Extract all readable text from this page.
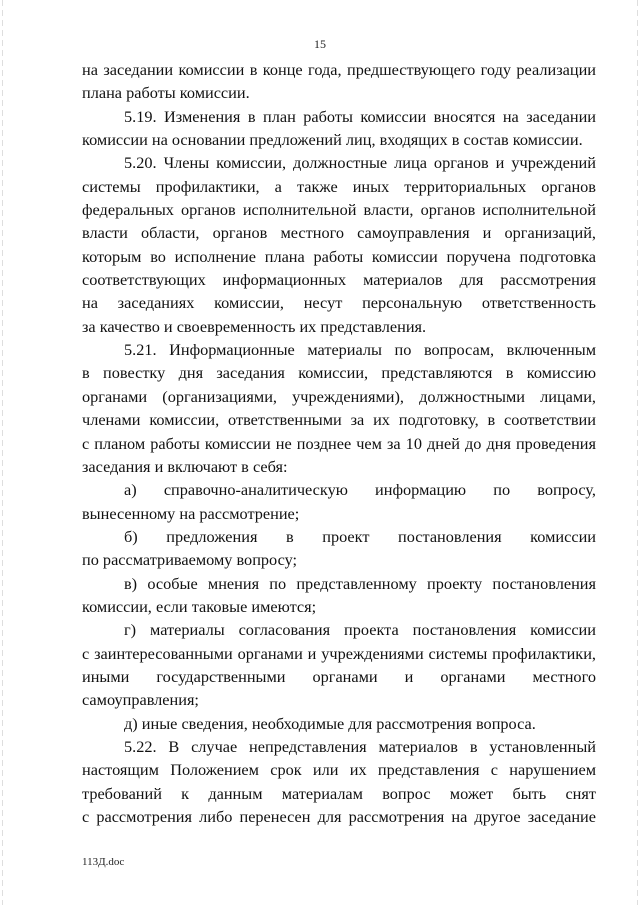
15
на заседании комиссии в конце года, предшествующего году реализации
плана работы комиссии.
5.19. Изменения в план работы комиссии вносятся на заседании
комиссии на основании предложений лиц, входящих в состав комиссии.
5.20. Члены комиссии, должностные лица органов и учреждений
системы профилактики, а также иных территориальных органов
федеральных органов исполнительной власти, органов исполнительной
власти области, органов местного самоуправления и организаций,
которым во исполнение плана работы комиссии поручена подготовка
соответствующих информационных материалов для рассмотрения
на заседаниях комиссии, несут персональную ответственность
за качество и своевременность их представления.
5.21. Информационные материалы по вопросам, включенным
в повестку дня заседания комиссии, представляются в комиссию
органами (организациями, учреждениями), должностными лицами,
членами комиссии, ответственными за их подготовку, в соответствии
с планом работы комиссии не позднее чем за 10 дней до дня проведения
заседания и включают в себя:
а) справочно-аналитическую информацию по вопросу,
вынесенному на рассмотрение;
б) предложения в проект постановления комиссии
по рассматриваемому вопросу;
в) особые мнения по представленному проекту постановления
комиссии, если таковые имеются;
г) материалы согласования проекта постановления комиссии
с заинтересованными органами и учреждениями системы профилактики,
иными государственными органами и органами местного
самоуправления;
д) иные сведения, необходимые для рассмотрения вопроса.
5.22. В случае непредставления материалов в установленный
настоящим Положением срок или их представления с нарушением
требований к данным материалам вопрос может быть снят
с рассмотрения либо перенесен для рассмотрения на другое заседание
113Д.doc
